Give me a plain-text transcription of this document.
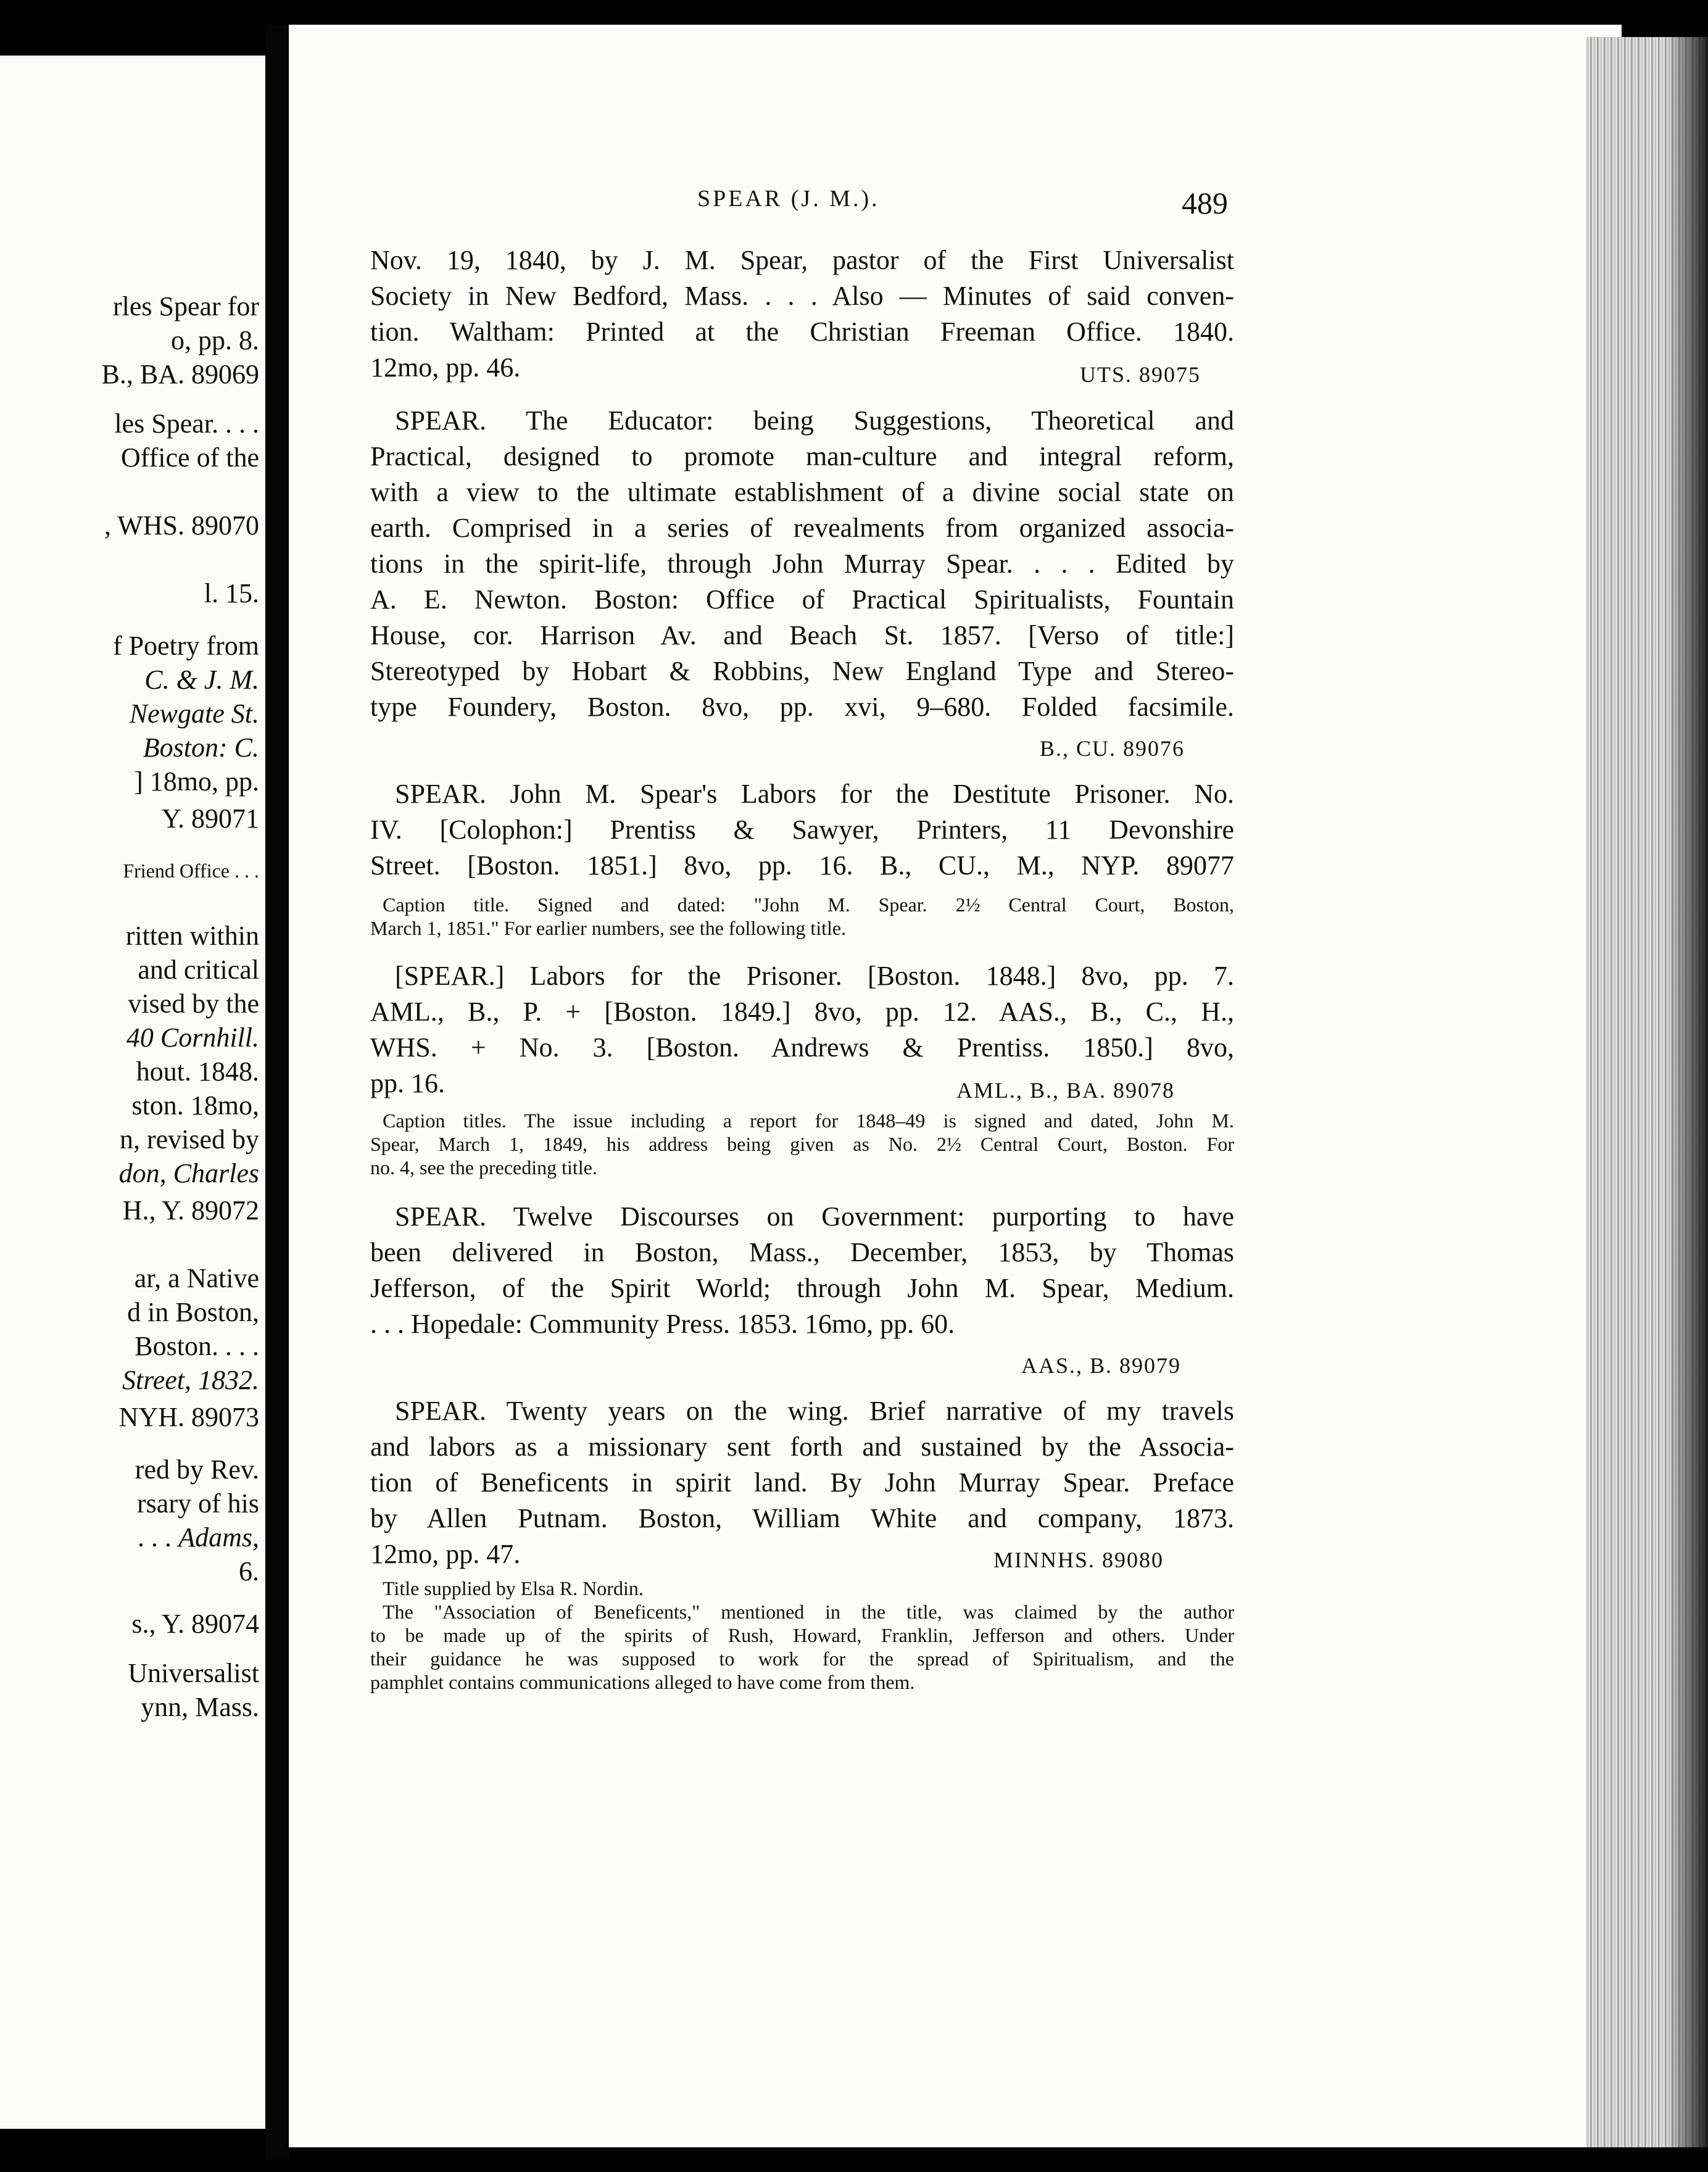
rles Spear for
o, pp. 8.
B., BA. 89069
les Spear. . . .
Office of the
, WHS. 89070
l. 15.
f Poetry from
C. & J. M.
Newgate St.
Boston: C.
] 18mo, pp.
Y. 89071
Friend Office . . .
ritten within
and critical
vised by the
40 Cornhill.
hout. 1848.
ston. 18mo,
n, revised by
don, Charles
H., Y. 89072
ar, a Native
d in Boston,
Boston. . . .
Street, 1832.
NYH. 89073
red by Rev.
rsary of his
. . . Adams,
6.
s., Y. 89074
Universalist
ynn, Mass.
SPEAR (J. M.).	489
Nov. 19, 1840, by J. M. Spear, pastor of the First Universalist
Society in New Bedford, Mass. . . . Also — Minutes of said conven-
tion. Waltham: Printed at the Christian Freeman Office. 1840.
12mo, pp. 46.	UTS. 89075
SPEAR. The Educator: being Suggestions, Theoretical and
Practical, designed to promote man-culture and integral reform,
with a view to the ultimate establishment of a divine social state on
earth. Comprised in a series of revealments from organized associa-
tions in the spirit-life, through John Murray Spear. . . . Edited by
A. E. Newton. Boston: Office of Practical Spiritualists, Fountain
House, cor. Harrison Av. and Beach St. 1857. [Verso of title:]
Stereotyped by Hobart & Robbins, New England Type and Stereo-
type Foundery, Boston. 8vo, pp. xvi, 9–680. Folded facsimile.
B., CU. 89076
SPEAR. John M. Spear's Labors for the Destitute Prisoner. No.
IV. [Colophon:] Prentiss & Sawyer, Printers, 11 Devonshire
Street. [Boston. 1851.] 8vo, pp. 16. B., CU., M., NYP. 89077
Caption title. Signed and dated: "John M. Spear. 2½ Central Court, Boston,
March 1, 1851." For earlier numbers, see the following title.
[SPEAR.] Labors for the Prisoner. [Boston. 1848.] 8vo, pp. 7.
AML., B., P. + [Boston. 1849.] 8vo, pp. 12. AAS., B., C., H.,
WHS. + No. 3. [Boston. Andrews & Prentiss. 1850.] 8vo,
pp. 16.	AML., B., BA. 89078
Caption titles. The issue including a report for 1848–49 is signed and dated, John M.
Spear, March 1, 1849, his address being given as No. 2½ Central Court, Boston. For
no. 4, see the preceding title.
SPEAR. Twelve Discourses on Government: purporting to have
been delivered in Boston, Mass., December, 1853, by Thomas
Jefferson, of the Spirit World; through John M. Spear, Medium.
. . . Hopedale: Community Press. 1853. 16mo, pp. 60.
AAS., B. 89079
SPEAR. Twenty years on the wing. Brief narrative of my travels
and labors as a missionary sent forth and sustained by the Associa-
tion of Beneficents in spirit land. By John Murray Spear. Preface
by Allen Putnam. Boston, William White and company, 1873.
12mo, pp. 47.	MINNHS. 89080
Title supplied by Elsa R. Nordin.
The "Association of Beneficents," mentioned in the title, was claimed by the author
to be made up of the spirits of Rush, Howard, Franklin, Jefferson and others. Under
their guidance he was supposed to work for the spread of Spiritualism, and the
pamphlet contains communications alleged to have come from them.
